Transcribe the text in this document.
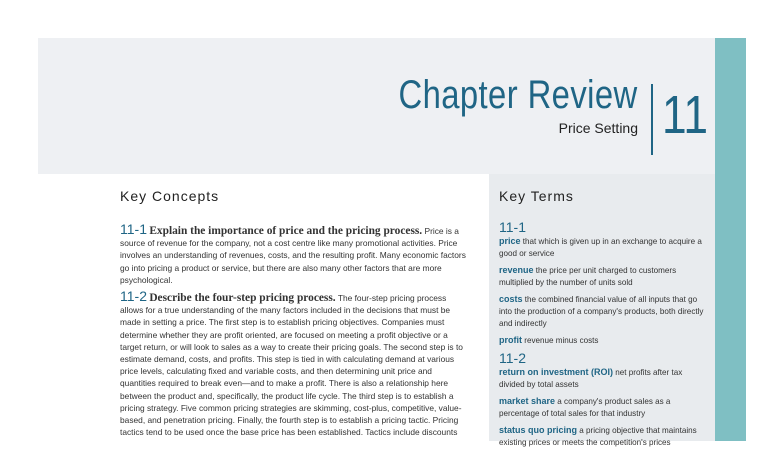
Chapter Review
Price Setting 11
Key Concepts
11-1 Explain the importance of price and the pricing process. Price is a source of revenue for the company, not a cost centre like many promotional activities. Price involves an understanding of revenues, costs, and the resulting profit. Many economic factors go into pricing a product or service, but there are also many other factors that are more psychological.
11-2 Describe the four-step pricing process. The four-step pricing process allows for a true understanding of the many factors included in the decisions that must be made in setting a price. The first step is to establish pricing objectives. Companies must determine whether they are profit oriented, are focused on meeting a profit objective or a target return, or will look to sales as a way to create their pricing goals. The second step is to estimate demand, costs, and profits. This step is tied in with calculating demand at various price levels, calculating fixed and variable costs, and then determining unit price and quantities required to break even—and to make a profit. There is also a relationship here between the product and, specifically, the product life cycle. The third step is to establish a pricing strategy. Five common pricing strategies are skimming, cost-plus, competitive, value-based, and penetration pricing. Finally, the fourth step is to establish a pricing tactic. Pricing tactics tend to be used once the base price has been established. Tactics include discounts
Key Terms
11-1
price that which is given up in an exchange to acquire a good or service
revenue the price per unit charged to customers multiplied by the number of units sold
costs the combined financial value of all inputs that go into the production of a company's products, both directly and indirectly
profit revenue minus costs
11-2
return on investment (ROI) net profits after tax divided by total assets
market share a company's product sales as a percentage of total sales for that industry
status quo pricing a pricing objective that maintains existing prices or meets the competition's prices
